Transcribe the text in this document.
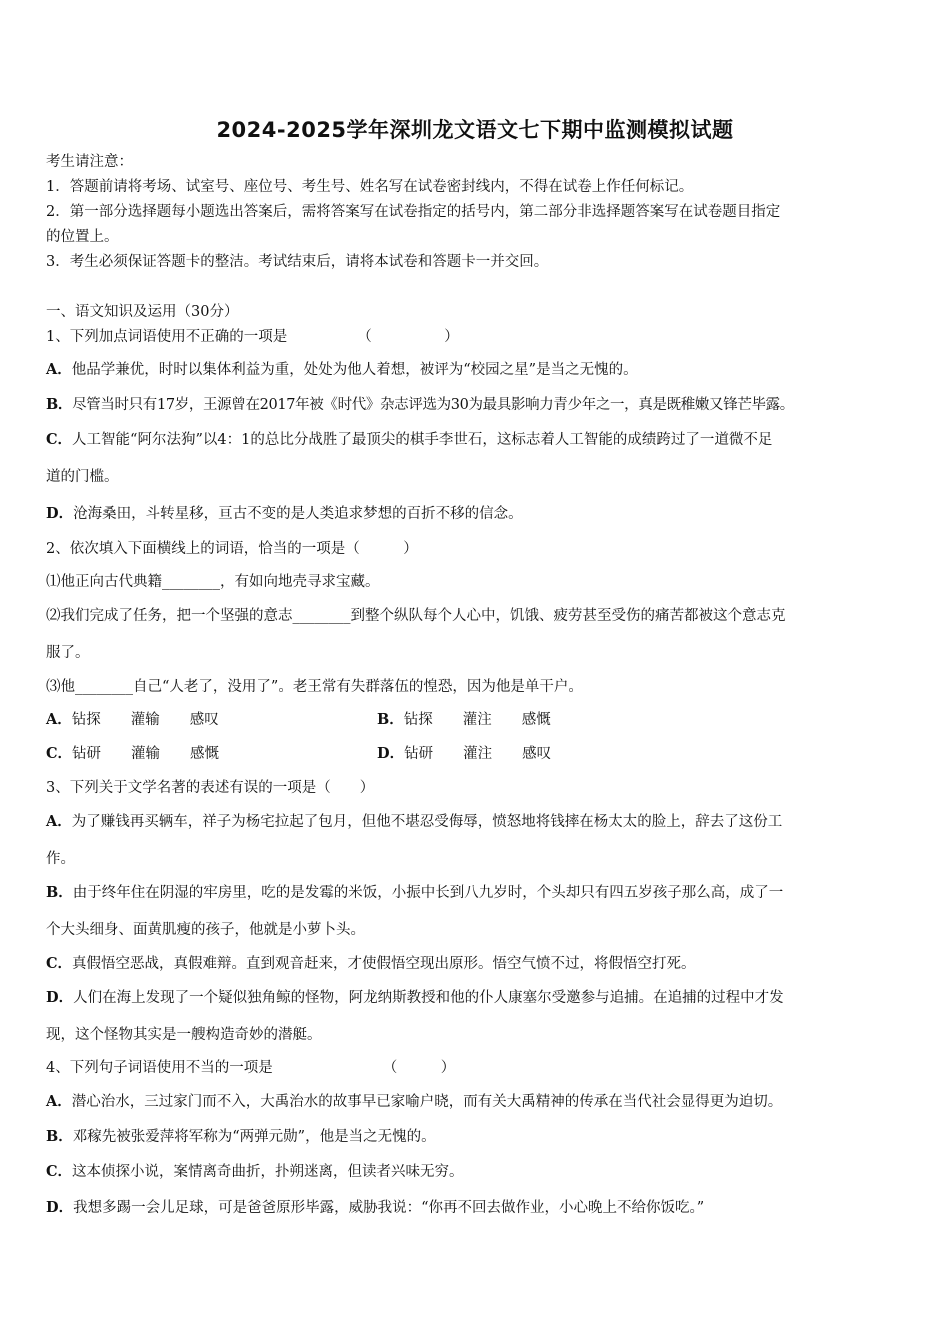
2024-2025学年深圳龙文语文七下期中监测模拟试题
考生请注意：
1．答题前请将考场、试室号、座位号、考生号、姓名写在试卷密封线内，不得在试卷上作任何标记。
2．第一部分选择题每小题选出答案后，需将答案写在试卷指定的括号内，第二部分非选择题答案写在试卷题目指定
的位置上。
3．考生必须保证答题卡的整洁。考试结束后，请将本试卷和答题卡一并交回。
一、语文知识及运用（30分）
1、下列加点词语使用不正确的一项是	（　　　　　）
A．他品学兼优，时时以集体利益为重，处处为他人着想，被评为“校园之星”是当之无愧的。
B．尽管当时只有17岁，王源曾在2017年被《时代》杂志评选为30为最具影响力青少年之一，真是既稚嫩又锋芒毕露。
C．人工智能“阿尔法狗”以4：1的总比分战胜了最顶尖的棋手李世石，这标志着人工智能的成绩跨过了一道微不足
道的门槛。
D．沧海桑田，斗转星移，亘古不变的是人类追求梦想的百折不移的信念。
2、依次填入下面横线上的词语，恰当的一项是（　　　）
⑴他正向古代典籍________，有如向地壳寻求宝藏。
⑵我们完成了任务，把一个坚强的意志________到整个纵队每个人心中，饥饿、疲劳甚至受伤的痛苦都被这个意志克
服了。
⑶他________自己“人老了，没用了”。老王常有失群落伍的惶恐，因为他是单干户。
A．钻探 灌输 感叹	B．钻探 灌注 感慨
C．钻研 灌输 感慨	D．钻研 灌注 感叹
3、下列关于文学名著的表述有误的一项是（　　）
A．为了赚钱再买辆车，祥子为杨宅拉起了包月，但他不堪忍受侮辱，愤怒地将钱摔在杨太太的脸上，辞去了这份工
作。
B．由于终年住在阴湿的牢房里，吃的是发霉的米饭，小振中长到八九岁时，个头却只有四五岁孩子那么高，成了一
个大头细身、面黄肌瘦的孩子，他就是小萝卜头。
C．真假悟空恶战，真假难辩。直到观音赶来，才使假悟空现出原形。悟空气愤不过，将假悟空打死。
D．人们在海上发现了一个疑似独角鲸的怪物，阿龙纳斯教授和他的仆人康塞尔受邀参与追捕。在追捕的过程中才发
现，这个怪物其实是一艘构造奇妙的潜艇。
4、下列句子词语使用不当的一项是	（　　　）
A．潜心治水，三过家门而不入，大禹治水的故事早已家喻户晓，而有关大禹精神的传承在当代社会显得更为迫切。
B．邓稼先被张爱萍将军称为“两弹元勋”，他是当之无愧的。
C．这本侦探小说，案情离奇曲折，扑朔迷离，但读者兴味无穷。
D．我想多踢一会儿足球，可是爸爸原形毕露，威胁我说：“你再不回去做作业，小心晚上不给你饭吃。”
